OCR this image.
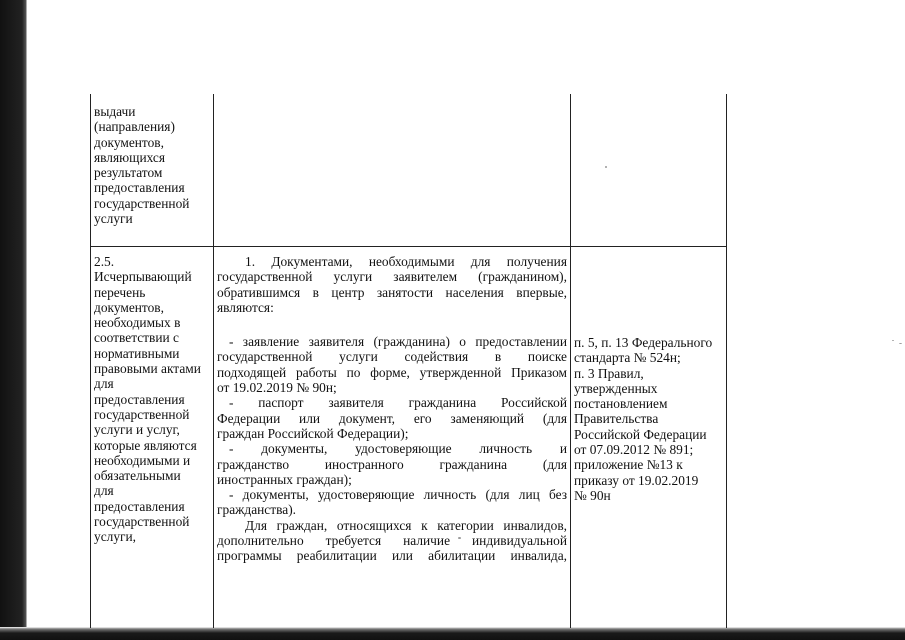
выдачи
(направления)
документов,
являющихся
результатом
предоставления
государственной
услуги
2.5.
Исчерпывающий
перечень
документов,
необходимых в
соответствии с
нормативными
правовыми актами
для
предоставления
государственной
услуги и услуг,
которые являются
необходимыми и
обязательными
для
предоставления
государственной
услуги,
1. Документами, необходимыми для получения
государственной услуги заявителем (гражданином),
обратившимся в центр занятости населения впервые,
являются:
- заявление заявителя (гражданина) о предоставлении
государственной услуги содействия в поиске
подходящей работы по форме, утвержденной Приказом
от 19.02.2019 № 90н;
- паспорт заявителя гражданина Российской
Федерации или документ, его заменяющий (для
граждан Российской Федерации);
- документы, удостоверяющие личность и
гражданство иностранного гражданина (для
иностранных граждан);
- документы, удостоверяющие личность (для лиц без
гражданства).
Для граждан, относящихся к категории инвалидов,
дополнительно требуется наличие индивидуальной
программы реабилитации или абилитации инвалида,
п. 5, п. 13 Федерального
стандарта № 524н;
п. 3 Правил,
утвержденных
постановлением
Правительства
Российской Федерации
от 07.09.2012 № 891;
приложение №13 к
приказу от 19.02.2019
№ 90н
